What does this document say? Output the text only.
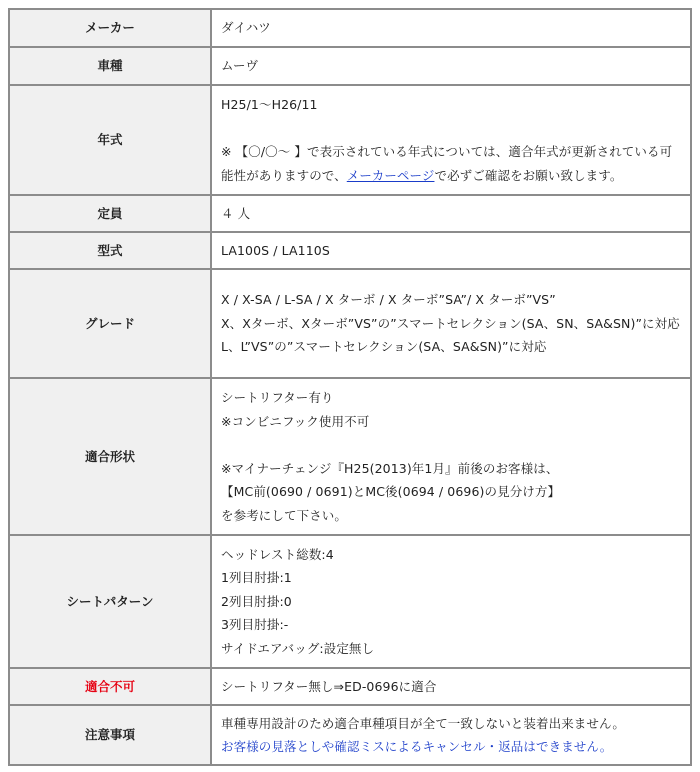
メーカー	ダイハツ
車種	ムーヴ
年式	H25/1～H26/11
※ 【〇/〇～ 】で表示されている年式については、適合年式が更新されている可能性がありますので、メーカーページで必ずご確認をお願い致します。

定員	４ 人
型式	LA100S / LA110S
グレード	X / X-SA / L-SA / X ターボ / X ターボ”SA”/ X ターボ”VS”
X、Xターボ、Xターボ”VS”の”スマートセレクション(SA、SN、SA&SN)”に対応
L、L”VS”の”スマートセレクション(SA、SA&SN)”に対応

適合形状	シートリフター有り
※コンビニフック使用不可
※マイナーチェンジ『H25(2013)年1月』前後のお客様は、
【MC前(0690 / 0691)とMC後(0694 / 0696)の見分け方】
を参考にして下さい。

シートパターン	ヘッドレスト総数:4
1列目肘掛:1
2列目肘掛:0
3列目肘掛:-
サイドエアバッグ:設定無し

適合不可	シートリフター無し⇒ED-0696に適合
注意事項	車種専用設計のため適合車種項目が全て一致しないと装着出来ません。
お客様の見落としや確認ミスによるキャンセル・返品はできません。
